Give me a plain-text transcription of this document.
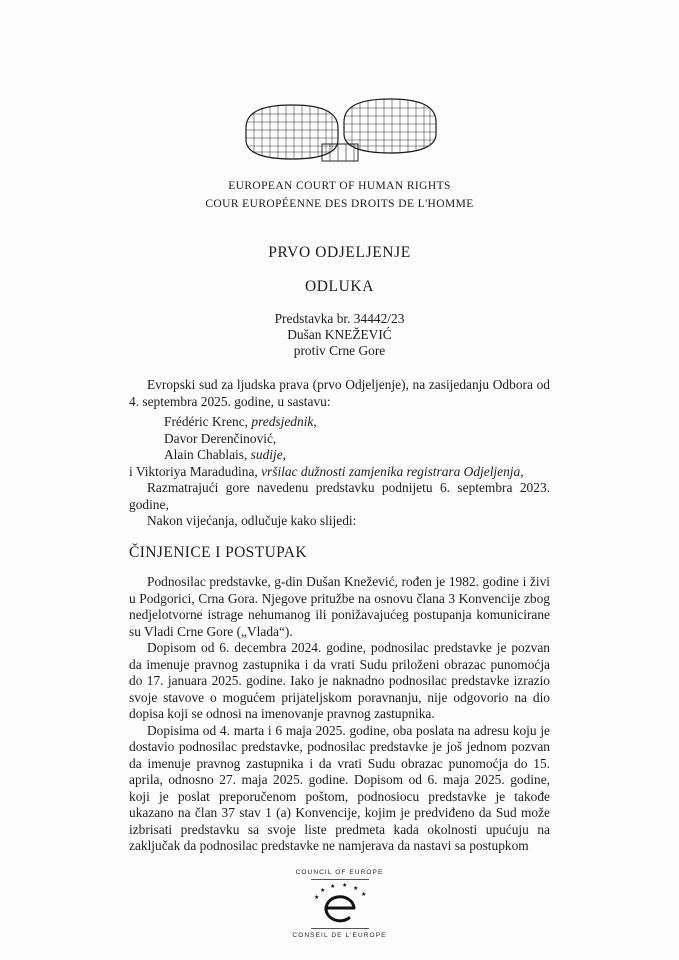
EUROPEAN COURT OF HUMAN RIGHTS
COUR EUROPÉENNE DES DROITS DE L'HOMME
PRVO ODJELJENJE
ODLUKA
Predstavka br. 34442/23
Dušan KNEŽEVIĆ
protiv Crne Gore

Evropski sud za ljudska prava (prvo Odjeljenje), na zasijedanju Odbora od 4. septembra 2025. godine, u sastavu:

Frédéric Krenc, predsjednik,
Davor Derenčinović,
Alain Chablais, sudije,

i Viktoriya Maradudina, vršilac dužnosti zamjenika registrara Odjeljenja,

Razmatrajući gore navedenu predstavku podnijetu 6. septembra 2023. godine,

Nakon vijećanja, odlučuje kako slijedi:

ČINJENICE I POSTUPAK

Podnosilac predstavke, g-din Dušan Knežević, rođen je 1982. godine i živi u Podgorici, Crna Gora. Njegove pritužbe na osnovu člana 3 Konvencije zbog nedjelotvorne istrage nehumanog ili ponižavajućeg postupanja komunicirane su Vladi Crne Gore („Vlada“).

Dopisom od 6. decembra 2024. godine, podnosilac predstavke je pozvan da imenuje pravnog zastupnika i da vrati Sudu priloženi obrazac punomoćja do 17. januara 2025. godine. Iako je naknadno podnosilac predstavke izrazio svoje stavove o mogućem prijateljskom poravnanju, nije odgovorio na dio dopisa koji se odnosi na imenovanje pravnog zastupnika.

Dopisima od 4. marta i 6 maja 2025. godine, oba poslata na adresu koju je dostavio podnosilac predstavke, podnosilac predstavke je još jednom pozvan da imenuje pravnog zastupnika i da vrati Sudu obrazac punomoćja do 15. aprila, odnosno 27. maja 2025. godine. Dopisom od 6. maja 2025. godine, koji je poslat preporučenom poštom, podnosiocu predstavke je takođe ukazano na član 37 stav 1 (a) Konvencije, kojim je predviđeno da Sud može izbrisati predstavku sa svoje liste predmeta kada okolnosti upućuju na zaključak da podnosilac predstavke ne namjerava da nastavi sa postupkom

COUNCIL OF EUROPE
★
★
★ ★ ★
★
CONSEIL DE L'EUROPE
